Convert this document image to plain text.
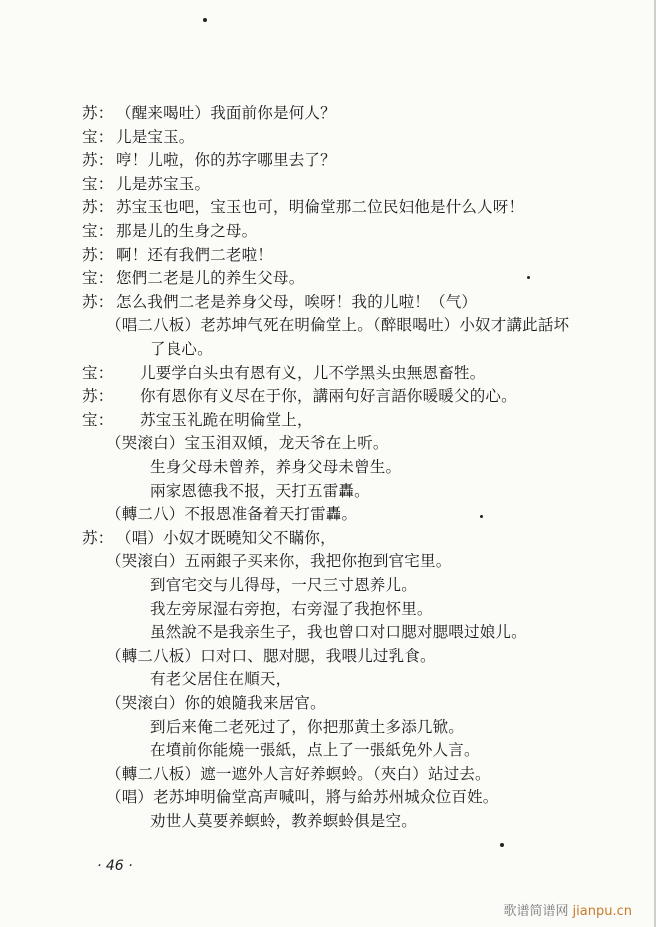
苏： （醒来喝吐）我面前你是何人？
宝： 儿是宝玉。
苏： 哼！儿啦，你的苏字哪里去了？
宝： 儿是苏宝玉。
苏： 苏宝玉也吧，宝玉也可，明倫堂那二位民妇他是什么人呀！
宝： 那是儿的生身之母。
苏： 啊！还有我們二老啦！
宝： 您們二老是儿的养生父母。
苏： 怎么我們二老是养身父母，唉呀！我的儿啦！（气）
（唱二八板）老苏坤气死在明倫堂上。（醉眼喝吐）小奴才講此話坏
了良心。
宝： 儿要学白头虫有恩有义，儿不学黑头虫無恩畜牲。
苏： 你有恩你有义尽在于你，講兩句好言語你暖暖父的心。
宝： 苏宝玉礼跪在明倫堂上，
（哭滚白）宝玉泪双傾，龙天爷在上听。
生身父母未曾养，养身父母未曾生。
兩家恩德我不报，天打五雷轟。
（轉二八）不报恩准备着天打雷轟。
苏： （唱）小奴才既曉知父不瞞你，
（哭滚白）五兩銀子买来你，我把你抱到官宅里。
到官宅交与儿得母，一尺三寸恩养儿。
我左旁尿湿右旁抱，右旁湿了我抱怀里。
虽然說不是我亲生子，我也曾口对口腮对腮喂过娘儿。
（轉二八板）口对口、腮对腮，我喂儿过乳食。
有老父居住在順天，
（哭滚白）你的娘隨我来居官。
到后来俺二老死过了，你把那黄土多添几锨。
在墳前你能燒一張紙，点上了一張紙免外人言。
（轉二八板）遮一遮外人言好养螟蛉。（夾白）站过去。
（唱）老苏坤明倫堂高声喊叫，將与給苏州城众位百姓。
劝世人莫要养螟蛉，教养螟蛉俱是空。
· 46 ·
歌谱简谱网 jianpu.cn
